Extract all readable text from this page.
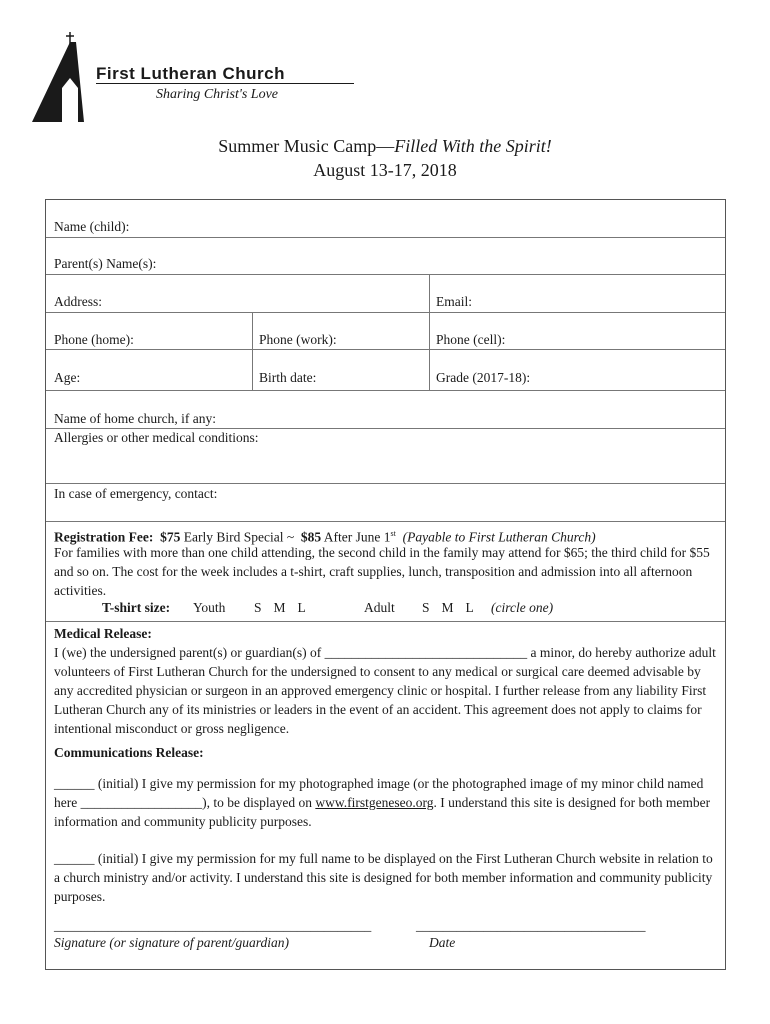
First Lutheran Church
Sharing Christ's Love
Summer Music Camp—Filled With the Spirit!
August 13-17, 2018
Name (child):
Parent(s) Name(s):
Address:	Email:
Phone (home):	Phone (work):	Phone (cell):
Age:	Birth date:	Grade (2017-18):
Name of home church, if any:
Allergies or other medical conditions:
In case of emergency, contact:
Registration Fee: $75 Early Bird Special ~ $85 After June 1st (Payable to First Lutheran Church)
For families with more than one child attending, the second child in the family may attend for $65; the third child for $55 and so on. The cost for the week includes a t-shirt, craft supplies, lunch, transposition and admission into all afternoon activities.
T-shirt size: Youth S M L	Adult S M L	(circle one)
Medical Release:
I (we) the undersigned parent(s) or guardian(s) of ______________________________ a minor, do hereby authorize adult volunteers of First Lutheran Church for the undersigned to consent to any medical or surgical care deemed advisable by any accredited physician or surgeon in an approved emergency clinic or hospital. I further release from any liability First Lutheran Church any of its ministries or leaders in the event of an accident. This agreement does not apply to claims for intentional misconduct or gross negligence.
Communications Release:
______ (initial) I give my permission for my photographed image (or the photographed image of my minor child named here __________________), to be displayed on www.firstgeneseo.org. I understand this site is designed for both member information and community publicity purposes.
______ (initial) I give my permission for my full name to be displayed on the First Lutheran Church website in relation to a church ministry and/or activity. I understand this site is designed for both member information and community publicity purposes.
_______________________________________________	__________________________________
Signature (or signature of parent/guardian)	Date
